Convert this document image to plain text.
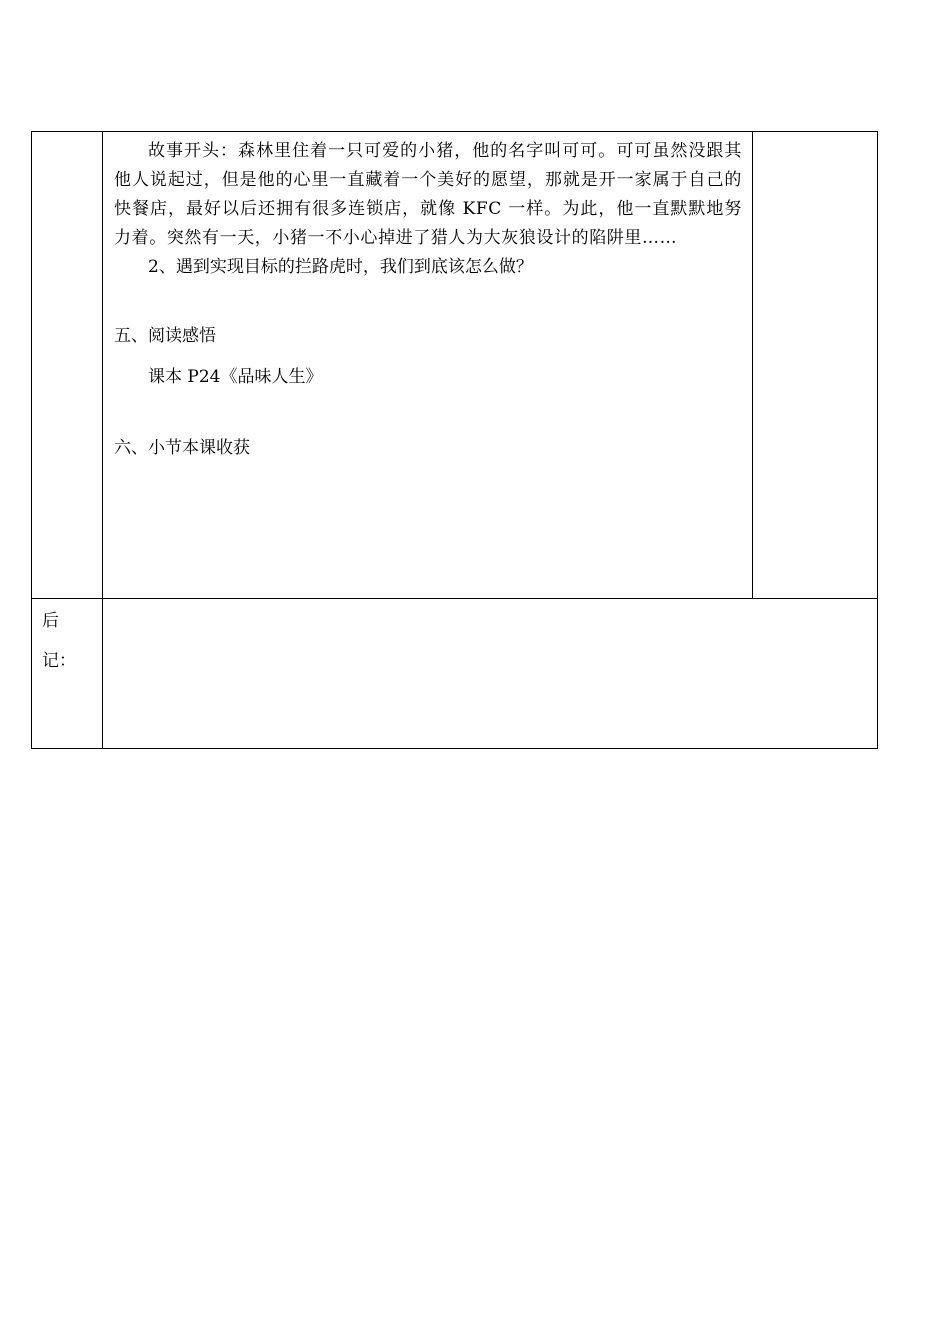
	故事开头：森林里住着一只可爱的小猪，他的名字叫可可。可可虽然没跟其他人说起过，但是他的心里一直藏着一个美好的愿望，那就是开一家属于自己的快餐店，最好以后还拥有很多连锁店，就像 KFC 一样。为此，他一直默默地努力着。突然有一天，小猪一不小心掉进了猎人为大灰狼设计的陷阱里……

2、遇到实现目标的拦路虎时，我们到底该怎么做？

五、阅读感悟

课本 P24《品味人生》

六、小节本课收获	

后
记：		
